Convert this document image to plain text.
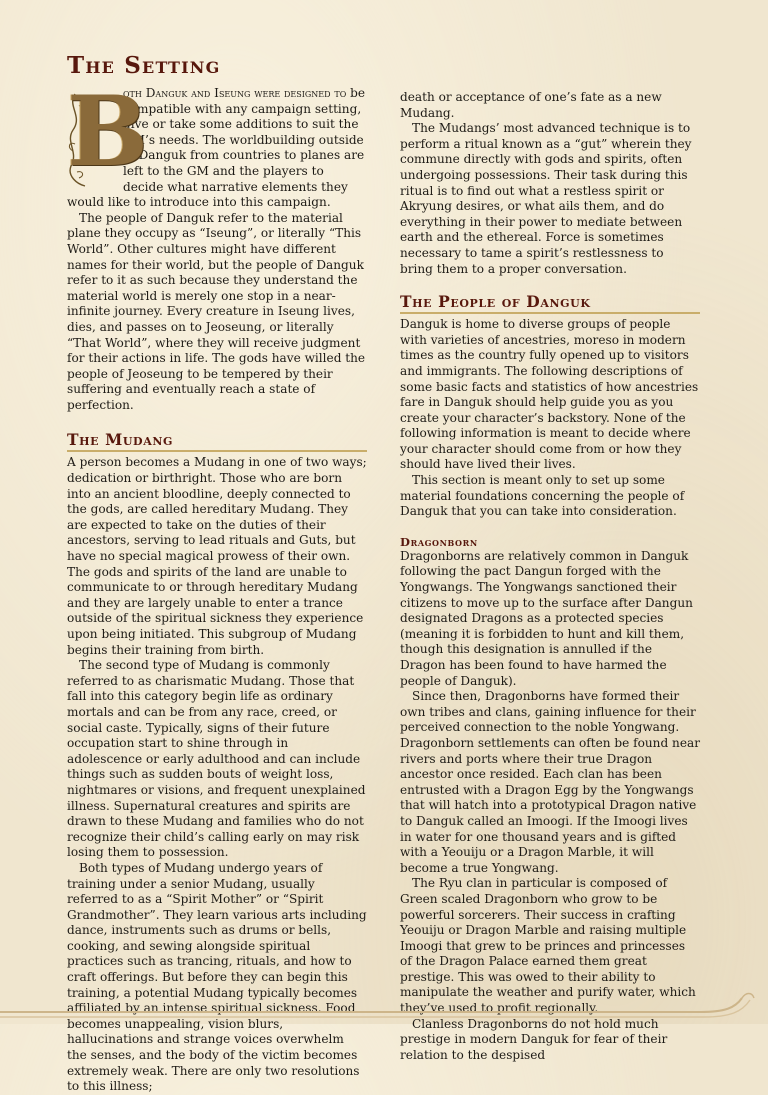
The Setting
B

oth Danguk and Iseung were designed to be compatible with any campaign setting, give or take some additions to suit the GM’s needs. The worldbuilding outside of Danguk from countries to planes are left to the GM and the players to decide what narrative elements they would like to introduce into this campaign.

The people of Danguk refer to the material plane they occupy as “Iseung”, or literally “This World”. Other cultures might have different names for their world, but the people of Danguk refer to it as such because they understand the material world is merely one stop in a near-infinite journey. Every creature in Iseung lives, dies, and passes on to Jeoseung, or literally “That World”, where they will receive judgment for their actions in life. The gods have willed the people of Jeoseung to be tempered by their suffering and eventually reach a state of perfection.

The Mudang

A person becomes a Mudang in one of two ways; dedication or birthright. Those who are born into an ancient bloodline, deeply connected to the gods, are called hereditary Mudang. They are expected to take on the duties of their ancestors, serving to lead rituals and Guts, but have no special magical prowess of their own. The gods and spirits of the land are unable to communicate to or through hereditary Mudang and they are largely unable to enter a trance outside of the spiritual sickness they experience upon being initiated. This subgroup of Mudang begins their training from birth.

The second type of Mudang is commonly referred to as charismatic Mudang. Those that fall into this category begin life as ordinary mortals and can be from any race, creed, or social caste. Typically, signs of their future occupation start to shine through in adolescence or early adulthood and can include things such as sudden bouts of weight loss, nightmares or visions, and frequent unexplained illness. Supernatural creatures and spirits are drawn to these Mudang and families who do not recognize their child’s calling early on may risk losing them to possession.

Both types of Mudang undergo years of training under a senior Mudang, usually referred to as a “Spirit Mother” or “Spirit Grandmother”. They learn various arts including dance, instruments such as drums or bells, cooking, and sewing alongside spiritual practices such as trancing, rituals, and how to craft offerings. But before they can begin this training, a potential Mudang typically becomes affiliated by an intense spiritual sickness. Food becomes unappealing, vision blurs, hallucinations and strange voices overwhelm the senses, and the body of the victim becomes extremely weak. There are only two resolutions to this illness;

death or acceptance of one’s fate as a new Mudang.

The Mudangs’ most advanced technique is to perform a ritual known as a “gut” wherein they commune directly with gods and spirits, often undergoing possessions. Their task during this ritual is to find out what a restless spirit or Akryung desires, or what ails them, and do everything in their power to mediate between earth and the ethereal. Force is sometimes necessary to tame a spirit’s restlessness to bring them to a proper conversation.

The People of Danguk

Danguk is home to diverse groups of people with varieties of ancestries, moreso in modern times as the country fully opened up to visitors and immigrants. The following descriptions of some basic facts and statistics of how ancestries fare in Danguk should help guide you as you create your character’s backstory. None of the following information is meant to decide where your character should come from or how they should have lived their lives.

This section is meant only to set up some material foundations concerning the people of Danguk that you can take into consideration.

Dragonborn

Dragonborns are relatively common in Danguk following the pact Dangun forged with the Yongwangs. The Yongwangs sanctioned their citizens to move up to the surface after Dangun designated Dragons as a protected species (meaning it is forbidden to hunt and kill them, though this designation is annulled if the Dragon has been found to have harmed the people of Danguk).

Since then, Dragonborns have formed their own tribes and clans, gaining influence for their perceived connection to the noble Yongwang. Dragonborn settlements can often be found near rivers and ports where their true Dragon ancestor once resided. Each clan has been entrusted with a Dragon Egg by the Yongwangs that will hatch into a prototypical Dragon native to Danguk called an Imoogi. If the Imoogi lives in water for one thousand years and is gifted with a Yeouiju or a Dragon Marble, it will become a true Yongwang.

The Ryu clan in particular is composed of Green scaled Dragonborn who grow to be powerful sorcerers. Their success in crafting Yeouiju or Dragon Marble and raising multiple Imoogi that grew to be princes and princesses of the Dragon Palace earned them great prestige. This was owed to their ability to manipulate the weather and purify water, which they’ve used to profit regionally.

Clanless Dragonborns do not hold much prestige in modern Danguk for fear of their relation to the despised
